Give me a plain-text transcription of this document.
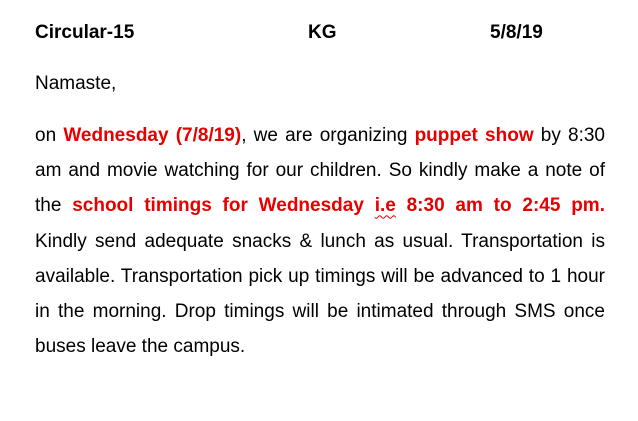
Circular-15	KG	5/8/19
Namaste,
on Wednesday (7/8/19), we are organizing puppet show by 8:30 am and movie watching for our children. So kindly make a note of the school timings for Wednesday i.e 8:30 am to 2:45 pm. Kindly send adequate snacks & lunch as usual. Transportation is available. Transportation pick up timings will be advanced to 1 hour in the morning. Drop timings will be intimated through SMS once buses leave the campus.
